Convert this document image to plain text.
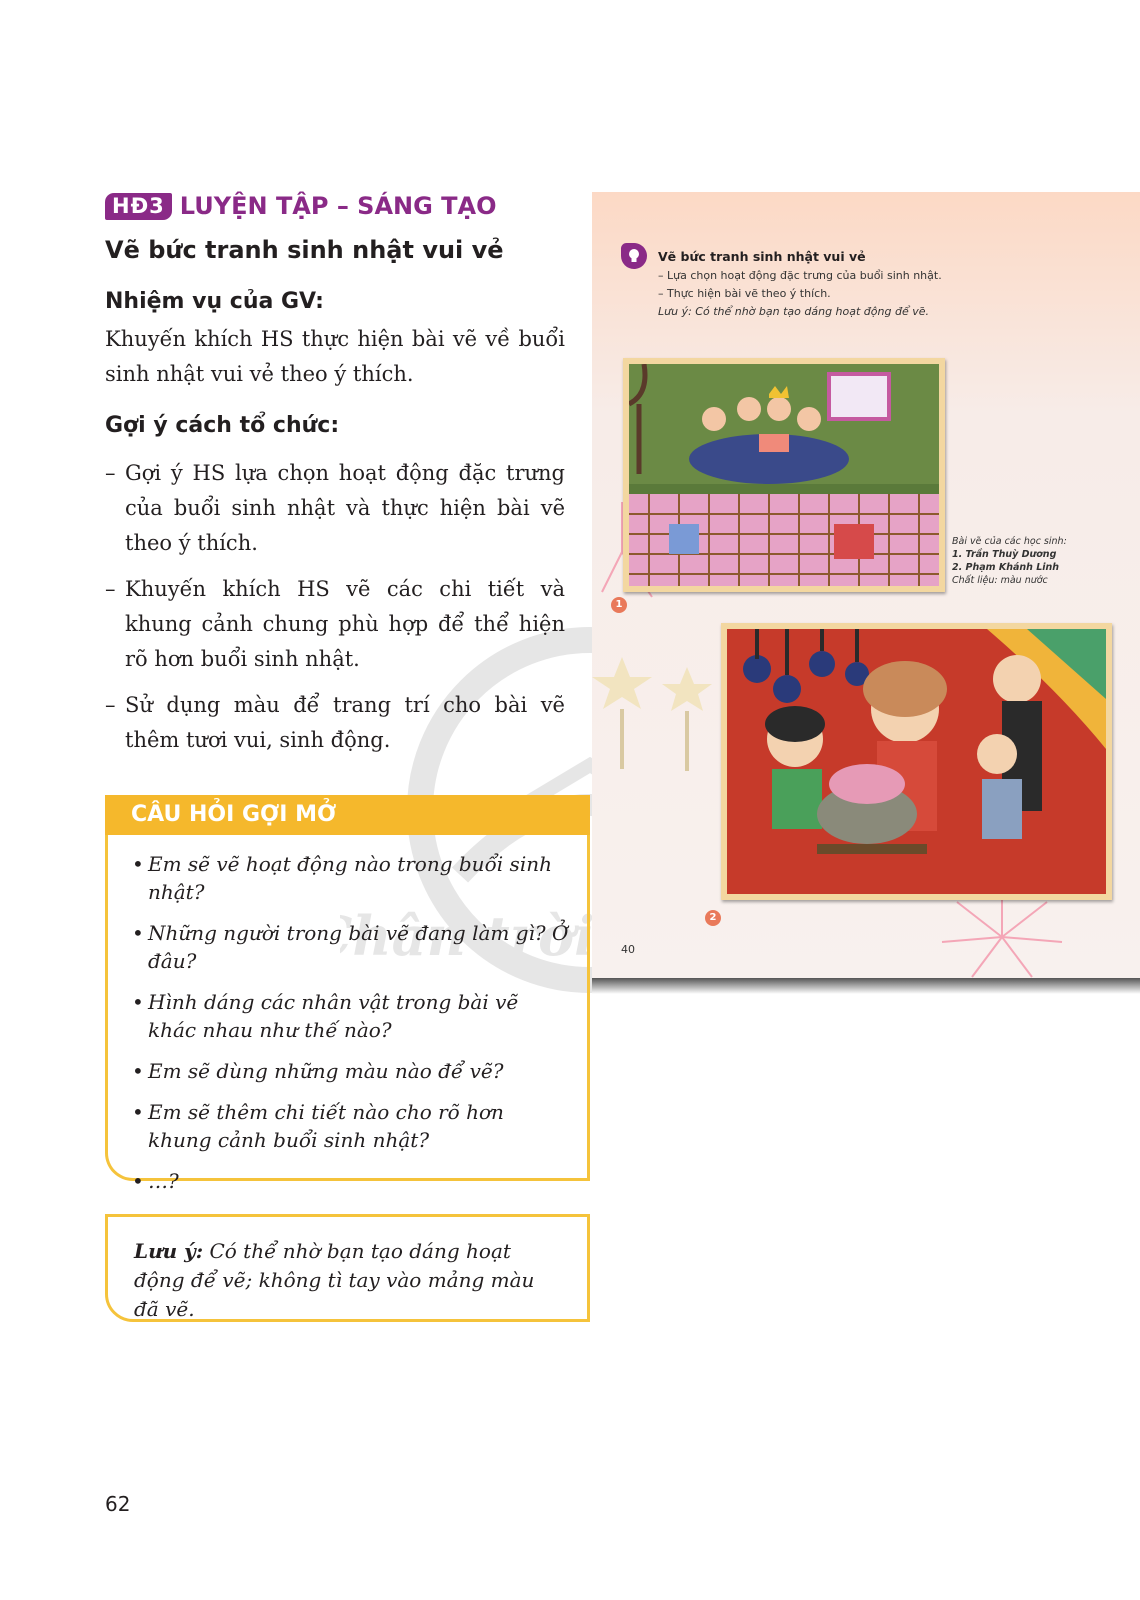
hân trời
HĐ3 LUYỆN TẬP – SÁNG TẠO
Vẽ bức tranh sinh nhật vui vẻ
Nhiệm vụ của GV:
Khuyến khích HS thực hiện bài vẽ về buổi sinh nhật vui vẻ theo ý thích.
Gợi ý cách tổ chức:
– Gợi ý HS lựa chọn hoạt động đặc trưng của buổi sinh nhật và thực hiện bài vẽ theo ý thích.
– Khuyến khích HS vẽ các chi tiết và khung cảnh chung phù hợp để thể hiện rõ hơn buổi sinh nhật.
– Sử dụng màu để trang trí cho bài vẽ thêm tươi vui, sinh động.
CÂU HỎI GỢI MỞ
• Em sẽ vẽ hoạt động nào trong buổi sinh nhật?
• Những người trong bài vẽ đang làm gì? Ở đâu?
• Hình dáng các nhân vật trong bài vẽ khác nhau như thế nào?
• Em sẽ dùng những màu nào để vẽ?
• Em sẽ thêm chi tiết nào cho rõ hơn khung cảnh buổi sinh nhật?
• …?
Lưu ý: Có thể nhờ bạn tạo dáng hoạt động để vẽ; không tì tay vào mảng màu đã vẽ.
62
Vẽ bức tranh sinh nhật vui vẻ
– Lựa chọn hoạt động đặc trưng của buổi sinh nhật.
– Thực hiện bài vẽ theo ý thích.
Lưu ý: Có thể nhờ bạn tạo dáng hoạt động để vẽ.
1
Bài vẽ của các học sinh:
1. Trần Thuỳ Dương
2. Phạm Khánh Linh
Chất liệu: màu nước
2
40
